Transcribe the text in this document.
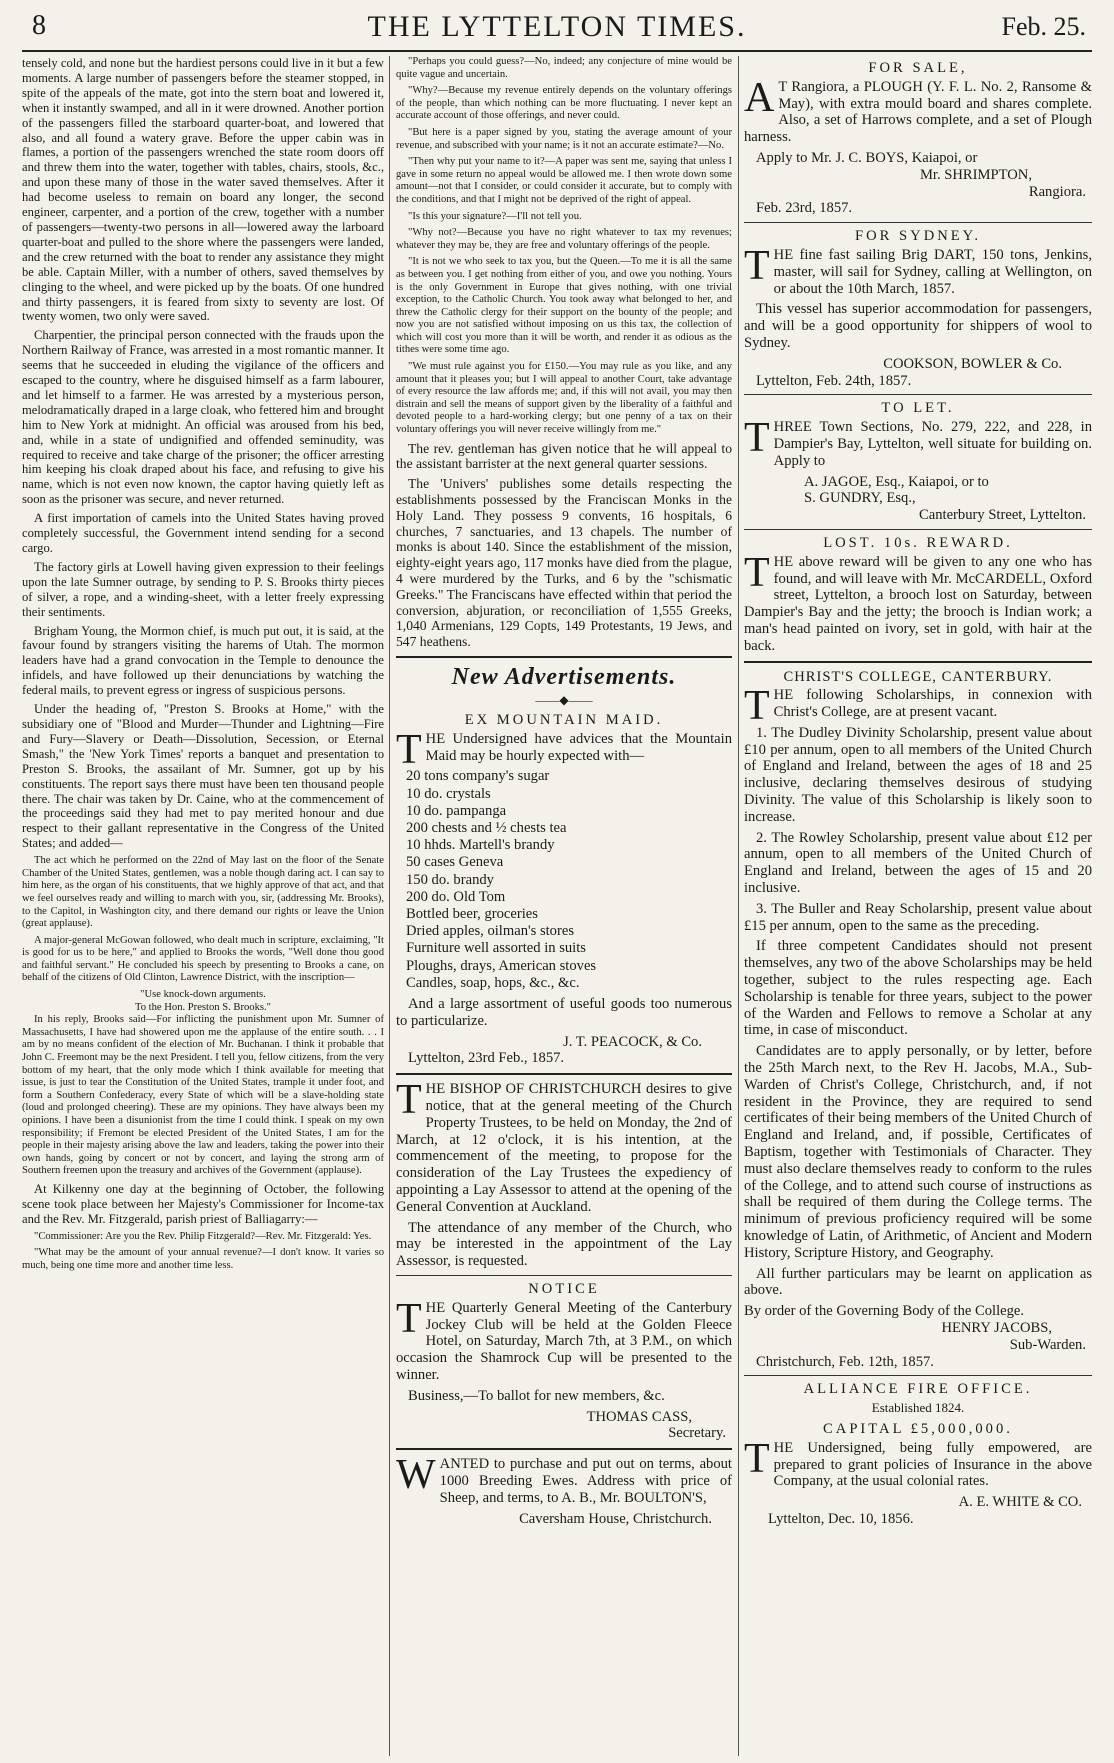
8	THE LYTTELTON TIMES.	Feb. 25.

tensely cold, and none but the hardiest persons could live in it but a few moments. A large number of passengers before the steamer stopped, in spite of the appeals of the mate, got into the stern boat and lowered it, when it instantly swamped, and all in it were drowned. Another portion of the passengers filled the starboard quarter-boat, and lowered that also, and all found a watery grave. Before the upper cabin was in flames, a portion of the passengers wrenched the state room doors off and threw them into the water, together with tables, chairs, stools, &c., and upon these many of those in the water saved themselves. After it had become useless to remain on board any longer, the second engineer, carpenter, and a portion of the crew, together with a number of passengers—twenty-two persons in all—lowered away the larboard quarter-boat and pulled to the shore where the passengers were landed, and the crew returned with the boat to render any assistance they might be able. Captain Miller, with a number of others, saved themselves by clinging to the wheel, and were picked up by the boats. Of one hundred and thirty passengers, it is feared from sixty to seventy are lost. Of twenty women, two only were saved.

Charpentier, the principal person connected with the frauds upon the Northern Railway of France, was arrested in a most romantic manner. It seems that he succeeded in eluding the vigilance of the officers and escaped to the country, where he disguised himself as a farm labourer, and let himself to a farmer. He was arrested by a mysterious person, melodramatically draped in a large cloak, who fettered him and brought him to New York at midnight. An official was aroused from his bed, and, while in a state of undignified and offended seminudity, was required to receive and take charge of the prisoner; the officer arresting him keeping his cloak draped about his face, and refusing to give his name, which is not even now known, the captor having quietly left as soon as the prisoner was secure, and never returned.

A first importation of camels into the United States having proved completely successful, the Government intend sending for a second cargo.

The factory girls at Lowell having given expression to their feelings upon the late Sumner outrage, by sending to P. S. Brooks thirty pieces of silver, a rope, and a winding-sheet, with a letter freely expressing their sentiments.

Brigham Young, the Mormon chief, is much put out, it is said, at the favour found by strangers visiting the harems of Utah. The mormon leaders have had a grand convocation in the Temple to denounce the infidels, and have followed up their denunciations by watching the federal mails, to prevent egress or ingress of suspicious persons.

Under the heading of, "Preston S. Brooks at Home," with the subsidiary one of "Blood and Murder—Thunder and Lightning—Fire and Fury—Slavery or Death—Dissolution, Secession, or Eternal Smash," the 'New York Times' reports a banquet and presentation to Preston S. Brooks, the assailant of Mr. Sumner, got up by his constituents. The report says there must have been ten thousand people there. The chair was taken by Dr. Caine, who at the commencement of the proceedings said they had met to pay merited honour and due respect to their gallant representative in the Congress of the United States; and added—

The act which he performed on the 22nd of May last on the floor of the Senate Chamber of the United States, gentlemen, was a noble though daring act. I can say to him here, as the organ of his constituents, that we highly approve of that act, and that we feel ourselves ready and willing to march with you, sir, (addressing Mr. Brooks), to the Capitol, in Washington city, and there demand our rights or leave the Union (great applause).

A major-general McGowan followed, who dealt much in scripture, exclaiming, "It is good for us to be here," and applied to Brooks the words, "Well done thou good and faithful servant." He concluded his speech by presenting to Brooks a cane, on behalf of the citizens of Old Clinton, Lawrence District, with the inscription—

"Use knock-down arguments.
To the Hon. Preston S. Brooks."

In his reply, Brooks said—For inflicting the punishment upon Mr. Sumner of Massachusetts, I have had showered upon me the applause of the entire south. . . I am by no means confident of the election of Mr. Buchanan. I think it probable that John C. Freemont may be the next President. I tell you, fellow citizens, from the very bottom of my heart, that the only mode which I think available for meeting that issue, is just to tear the Constitution of the United States, trample it under foot, and form a Southern Confederacy, every State of which will be a slave-holding state (loud and prolonged cheering). These are my opinions. They have always been my opinions. I have been a disunionist from the time I could think. I speak on my own responsibility; if Fremont be elected President of the United States, I am for the people in their majesty arising above the law and leaders, taking the power into their own hands, going by concert or not by concert, and laying the strong arm of Southern freemen upon the treasury and archives of the Government (applause).

At Kilkenny one day at the beginning of October, the following scene took place between her Majesty's Commissioner for Income-tax and the Rev. Mr. Fitzgerald, parish priest of Balliagarry:—

"Commissioner: Are you the Rev. Philip Fitzgerald?—Rev. Mr. Fitzgerald: Yes.

"What may be the amount of your annual revenue?—I don't know. It varies so much, being one time more and another time less.

"Perhaps you could guess?—No, indeed; any conjecture of mine would be quite vague and uncertain.

"Why?—Because my revenue entirely depends on the voluntary offerings of the people, than which nothing can be more fluctuating. I never kept an accurate account of those offerings, and never could.

"But here is a paper signed by you, stating the average amount of your revenue, and subscribed with your name; is it not an accurate estimate?—No.

"Then why put your name to it?—A paper was sent me, saying that unless I gave in some return no appeal would be allowed me. I then wrote down some amount—not that I consider, or could consider it accurate, but to comply with the conditions, and that I might not be deprived of the right of appeal.

"Is this your signature?—I'll not tell you.

"Why not?—Because you have no right whatever to tax my revenues; whatever they may be, they are free and voluntary offerings of the people.

"It is not we who seek to tax you, but the Queen.—To me it is all the same as between you. I get nothing from either of you, and owe you nothing. Yours is the only Government in Europe that gives nothing, with one trivial exception, to the Catholic Church. You took away what belonged to her, and threw the Catholic clergy for their support on the bounty of the people; and now you are not satisfied without imposing on us this tax, the collection of which will cost you more than it will be worth, and render it as odious as the tithes were some time ago.

"We must rule against you for £150.—You may rule as you like, and any amount that it pleases you; but I will appeal to another Court, take advantage of every resource the law affords me; and, if this will not avail, you may then distrain and sell the means of support given by the liberality of a faithful and devoted people to a hard-working clergy; but one penny of a tax on their voluntary offerings you will never receive willingly from me."

The rev. gentleman has given notice that he will appeal to the assistant barrister at the next general quarter sessions.

The 'Univers' publishes some details respecting the establishments possessed by the Franciscan Monks in the Holy Land. They possess 9 convents, 16 hospitals, 6 churches, 7 sanctuaries, and 13 chapels. The number of monks is about 140. Since the establishment of the mission, eighty-eight years ago, 117 monks have died from the plague, 4 were murdered by the Turks, and 6 by the "schismatic Greeks." The Franciscans have effected within that period the conversion, abjuration, or reconciliation of 1,555 Greeks, 1,040 Armenians, 129 Copts, 149 Protestants, 19 Jews, and 547 heathens.

New Advertisements.
——◆——
EX MOUNTAIN MAID.

THE Undersigned have advices that the Mountain Maid may be hourly expected with—

20 tons company's sugar
10 do. crystals
10 do. pampanga
200 chests and ½ chests tea
10 hhds. Martell's brandy
50 cases Geneva
150 do. brandy
200 do. Old Tom
Bottled beer, groceries
Dried apples, oilman's stores
Furniture well assorted in suits
Ploughs, drays, American stoves
Candles, soap, hops, &c., &c.

And a large assortment of useful goods too numerous to particularize.

J. T. PEACOCK, & Co.
Lyttelton, 23rd Feb., 1857.

THE BISHOP OF CHRISTCHURCH desires to give notice, that at the general meeting of the Church Property Trustees, to be held on Monday, the 2nd of March, at 12 o'clock, it is his intention, at the commencement of the meeting, to propose for the consideration of the Lay Trustees the expediency of appointing a Lay Assessor to attend at the opening of the General Convention at Auckland.

The attendance of any member of the Church, who may be interested in the appointment of the Lay Assessor, is requested.

NOTICE

THE Quarterly General Meeting of the Canterbury Jockey Club will be held at the Golden Fleece Hotel, on Saturday, March 7th, at 3 P.M., on which occasion the Shamrock Cup will be presented to the winner.

Business,—To ballot for new members, &c.

THOMAS CASS,
Secretary.

WANTED to purchase and put out on terms, about 1000 Breeding Ewes. Address with price of Sheep, and terms, to A. B., Mr. BOULTON'S,

Caversham House, Christchurch.
FOR SALE,

A T Rangiora, a PLOUGH (Y. F. L. No. 2, Ransome & May), with extra mould board and shares complete. Also, a set of Harrows complete, and a set of Plough harness.

Apply to Mr. J. C. BOYS, Kaiapoi, or
Mr. SHRIMPTON,
Rangiora.
Feb. 23rd, 1857.
FOR SYDNEY.

THE fine fast sailing Brig DART, 150 tons, Jenkins, master, will sail for Sydney, calling at Wellington, on or about the 10th March, 1857.

This vessel has superior accommodation for passengers, and will be a good opportunity for shippers of wool to Sydney.

COOKSON, BOWLER & Co.
Lyttelton, Feb. 24th, 1857.
TO LET.

THREE Town Sections, No. 279, 222, and 228, in Dampier's Bay, Lyttelton, well situate for building on. Apply to

A. JAGOE, Esq., Kaiapoi, or to
S. GUNDRY, Esq.,
Canterbury Street, Lyttelton.
LOST. 10s. REWARD.

THE above reward will be given to any one who has found, and will leave with Mr. McCARDELL, Oxford street, Lyttelton, a brooch lost on Saturday, between Dampier's Bay and the jetty; the brooch is Indian work; a man's head painted on ivory, set in gold, with hair at the back.

CHRIST'S COLLEGE, CANTERBURY.

THE following Scholarships, in connexion with Christ's College, are at present vacant.

1. The Dudley Divinity Scholarship, present value about £10 per annum, open to all members of the United Church of England and Ireland, between the ages of 18 and 25 inclusive, declaring themselves desirous of studying Divinity. The value of this Scholarship is likely soon to increase.

2. The Rowley Scholarship, present value about £12 per annum, open to all members of the United Church of England and Ireland, between the ages of 15 and 20 inclusive.

3. The Buller and Reay Scholarship, present value about £15 per annum, open to the same as the preceding.

If three competent Candidates should not present themselves, any two of the above Scholarships may be held together, subject to the rules respecting age. Each Scholarship is tenable for three years, subject to the power of the Warden and Fellows to remove a Scholar at any time, in case of misconduct.

Candidates are to apply personally, or by letter, before the 25th March next, to the Rev H. Jacobs, M.A., Sub-Warden of Christ's College, Christchurch, and, if not resident in the Province, they are required to send certificates of their being members of the United Church of England and Ireland, and, if possible, Certificates of Baptism, together with Testimonials of Character. They must also declare themselves ready to conform to the rules of the College, and to attend such course of instructions as shall be required of them during the College terms. The minimum of previous proficiency required will be some knowledge of Latin, of Arithmetic, of Ancient and Modern History, Scripture History, and Geography.

All further particulars may be learnt on application as above.

By order of the Governing Body of the College.
HENRY JACOBS,
Sub-Warden.
Christchurch, Feb. 12th, 1857.
ALLIANCE FIRE OFFICE.
Established 1824.
CAPITAL £5,000,000.

THE Undersigned, being fully empowered, are prepared to grant policies of Insurance in the above Company, at the usual colonial rates.

A. E. WHITE & CO.
Lyttelton, Dec. 10, 1856.
